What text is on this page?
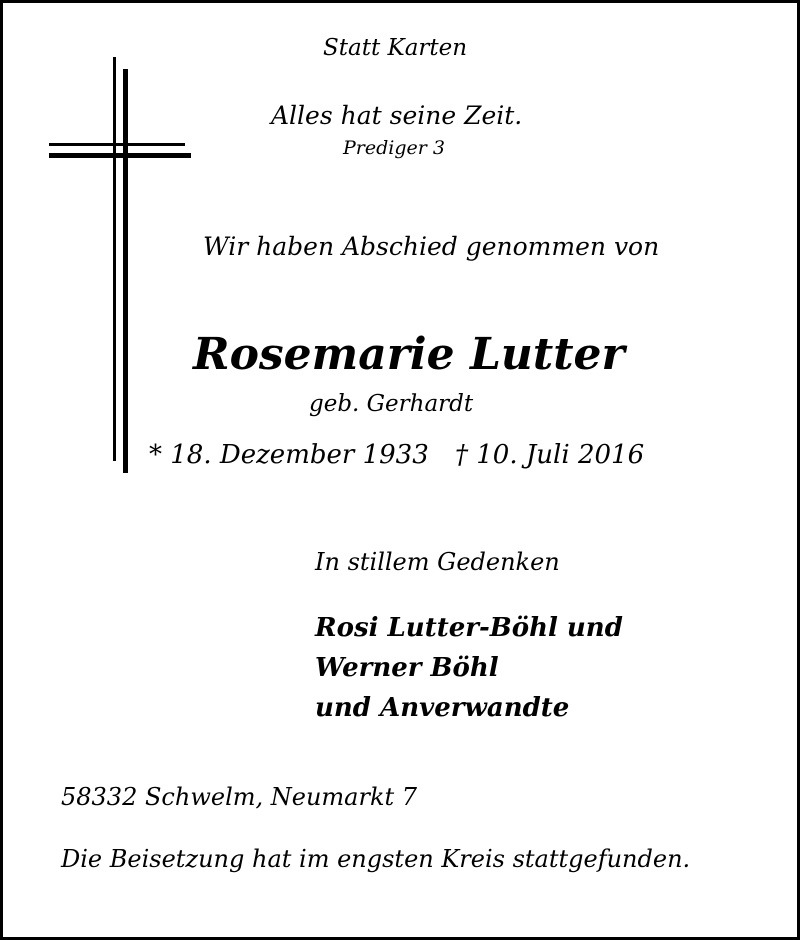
Statt Karten
Alles hat seine Zeit.
Prediger 3
Wir haben Abschied genommen von
Rosemarie Lutter
geb. Gerhardt
* 18. Dezember 1933 † 10. Juli 2016
In stillem Gedenken
Rosi Lutter-Böhl und
Werner Böhl
und Anverwandte
58332 Schwelm, Neumarkt 7
Die Beisetzung hat im engsten Kreis stattgefunden.
